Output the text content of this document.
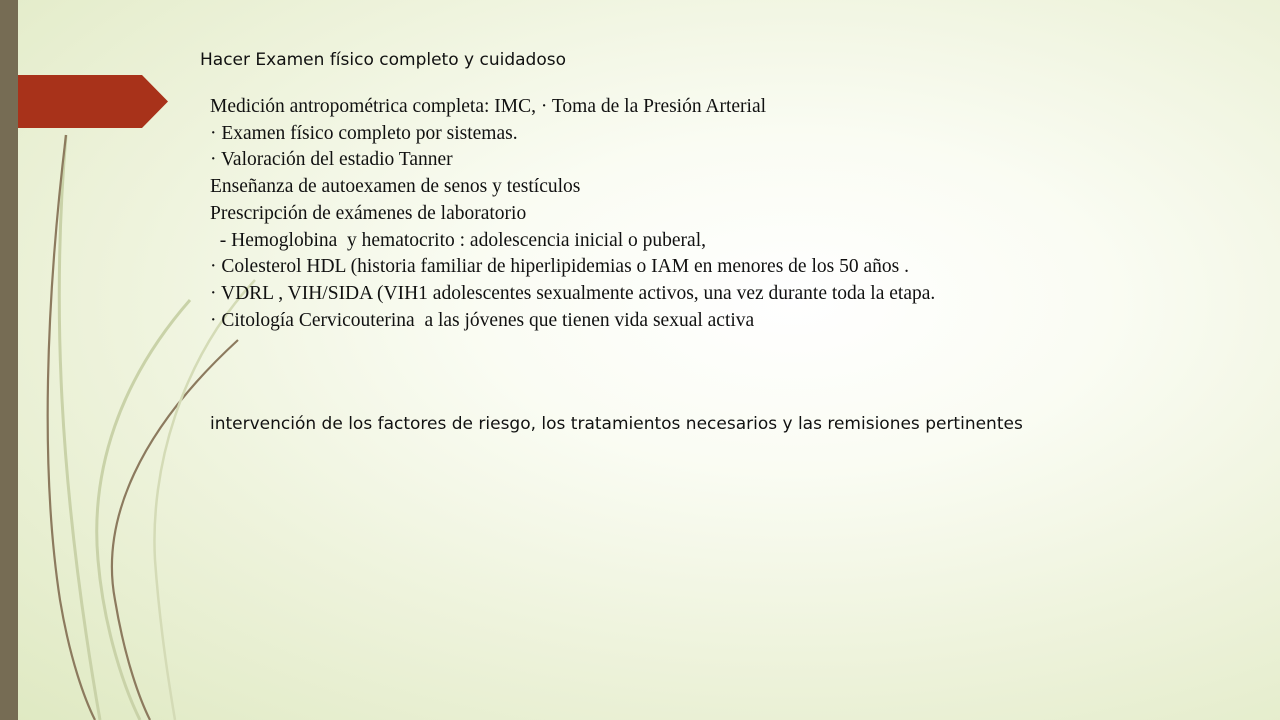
Hacer Examen físico completo y cuidadoso
Medición antropométrica completa: IMC, · Toma de la Presión Arterial
· Examen físico completo por sistemas.
· Valoración del estadio Tanner
Enseñanza de autoexamen de senos y testículos
Prescripción de exámenes de laboratorio
- Hemoglobina  y hematocrito : adolescencia inicial o puberal,
· Colesterol HDL (historia familiar de hiperlipidemias o IAM en menores de los 50 años .
· VDRL , VIH/SIDA (VIH1 adolescentes sexualmente activos, una vez durante toda la etapa.
· Citología Cervicouterina  a las jóvenes que tienen vida sexual activa

intervención de los factores de riesgo, los tratamientos necesarios y las remisiones pertinentes
